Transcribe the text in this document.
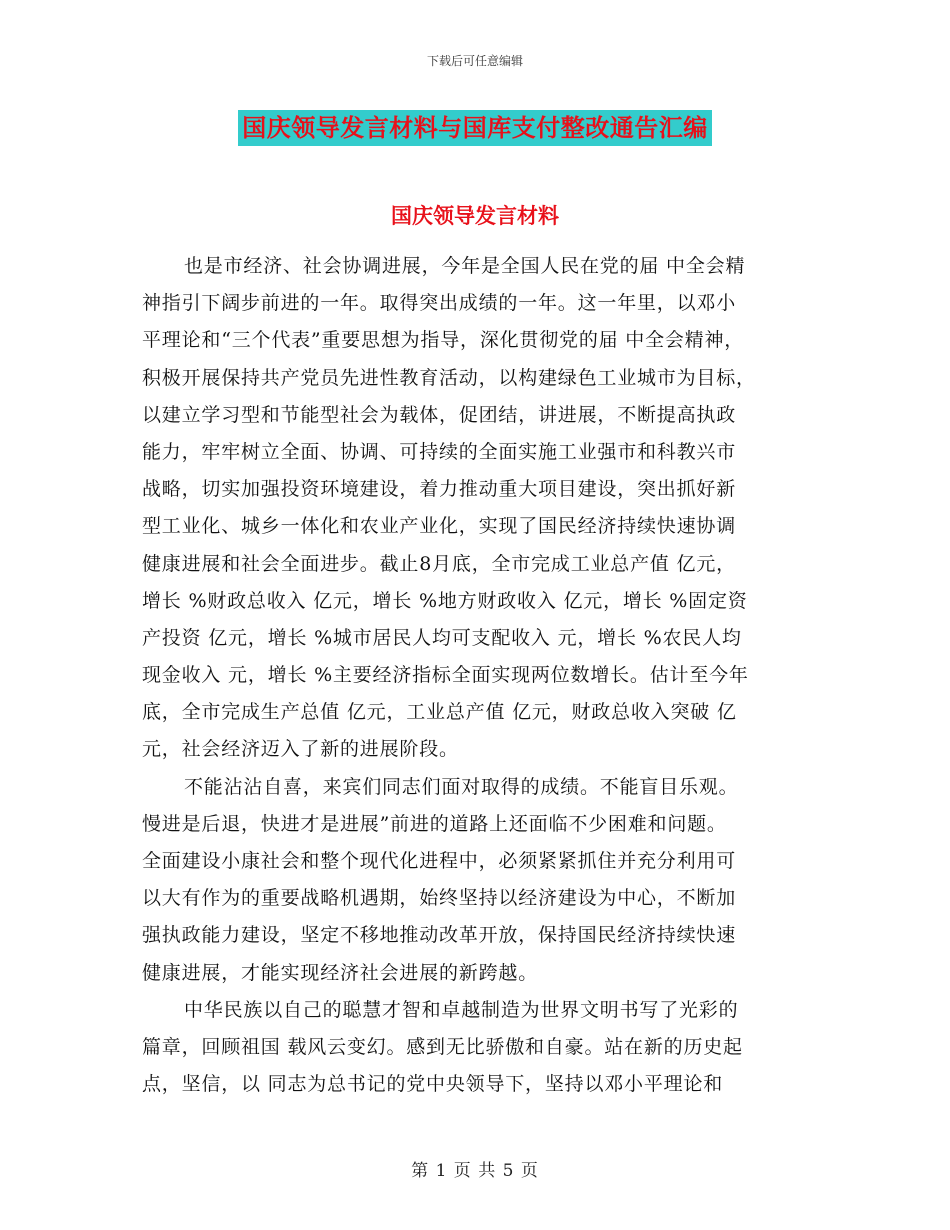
下载后可任意编辑
国庆领导发言材料与国库支付整改通告汇编
国庆领导发言材料
也是市经济、社会协调进展，今年是全国人民在党的届 中全会精
神指引下阔步前进的一年。取得突出成绩的一年。这一年里，以邓小
平理论和“三个代表”重要思想为指导，深化贯彻党的届 中全会精神，
积极开展保持共产党员先进性教育活动，以构建绿色工业城市为目标，
以建立学习型和节能型社会为载体，促团结，讲进展，不断提高执政
能力，牢牢树立全面、协调、可持续的全面实施工业强市和科教兴市
战略，切实加强投资环境建设，着力推动重大项目建设，突出抓好新
型工业化、城乡一体化和农业产业化，实现了国民经济持续快速协调
健康进展和社会全面进步。截止8月底，全市完成工业总产值 亿元，
增长 %财政总收入 亿元，增长 %地方财政收入 亿元，增长 %固定资
产投资 亿元，增长 %城市居民人均可支配收入 元，增长 %农民人均
现金收入 元，增长 %主要经济指标全面实现两位数增长。估计至今年
底，全市完成生产总值 亿元，工业总产值 亿元，财政总收入突破 亿
元，社会经济迈入了新的进展阶段。
不能沾沾自喜，来宾们同志们面对取得的成绩。不能盲目乐观。
慢进是后退，快进才是进展”前进的道路上还面临不少困难和问题。
全面建设小康社会和整个现代化进程中，必须紧紧抓住并充分利用可
以大有作为的重要战略机遇期，始终坚持以经济建设为中心，不断加
强执政能力建设，坚定不移地推动改革开放，保持国民经济持续快速
健康进展，才能实现经济社会进展的新跨越。
中华民族以自己的聪慧才智和卓越制造为世界文明书写了光彩的
篇章，回顾祖国 载风云变幻。感到无比骄傲和自豪。站在新的历史起
点，坚信，以 同志为总书记的党中央领导下，坚持以邓小平理论和
第 1 页 共 5 页
